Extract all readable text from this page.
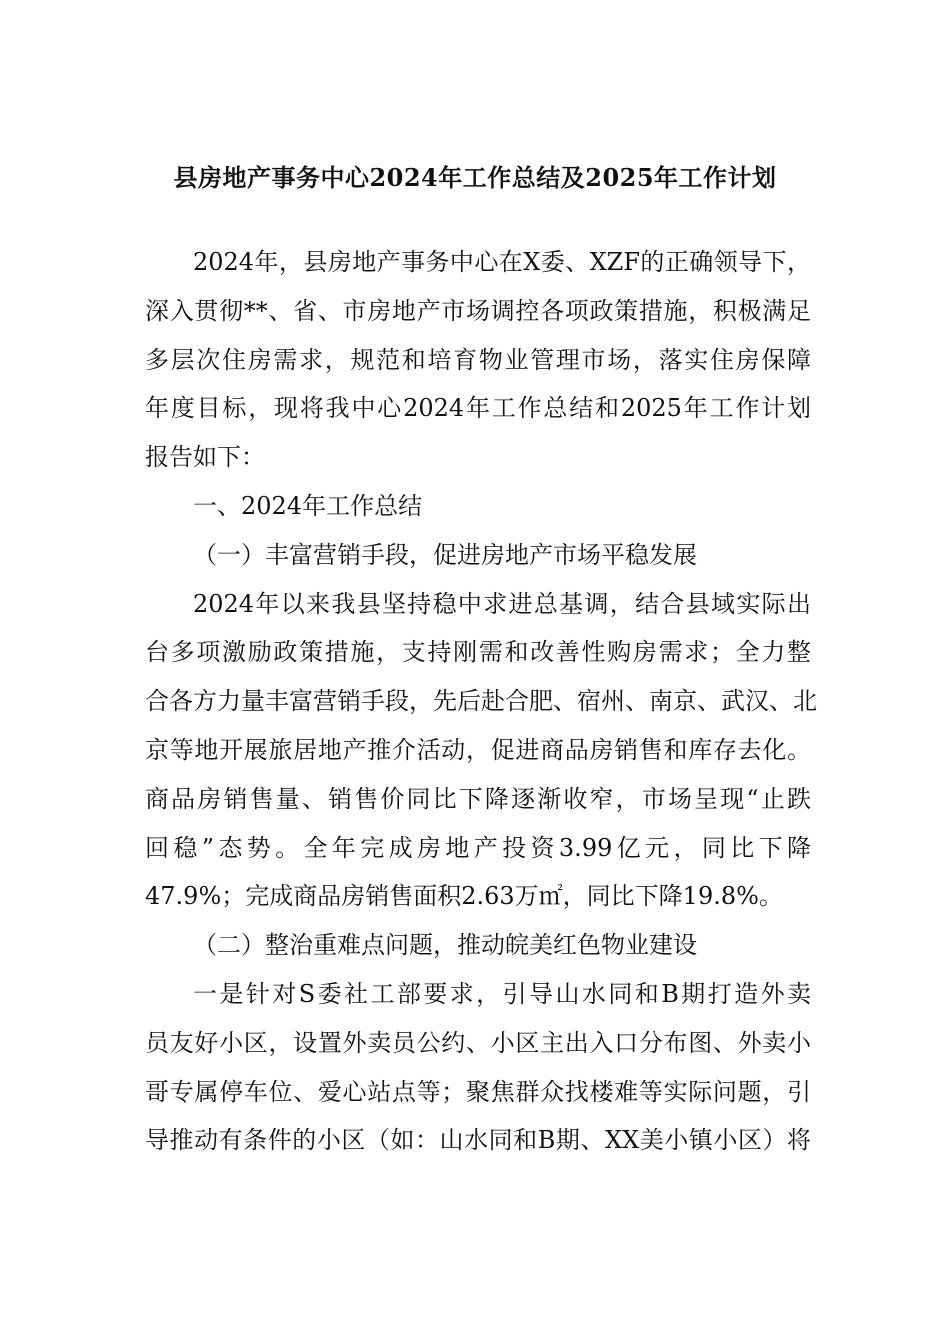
县房地产事务中心2024年工作总结及2025年工作计划
2024年，县房地产事务中心在X委、XZF的正确领导下，
深入贯彻**、省、市房地产市场调控各项政策措施，积极满足
多层次住房需求，规范和培育物业管理市场，落实住房保障
年度目标，现将我中心2024年工作总结和2025年工作计划
报告如下：
一、2024年工作总结
（一）丰富营销手段，促进房地产市场平稳发展
2024年以来我县坚持稳中求进总基调，结合县域实际出
台多项激励政策措施，支持刚需和改善性购房需求；全力整
合各方力量丰富营销手段，先后赴合肥、宿州、南京、武汉、北
京等地开展旅居地产推介活动，促进商品房销售和库存去化。
商品房销售量、销售价同比下降逐渐收窄，市场呈现“止跌
回稳”态势。全年完成房地产投资3.99亿元，同比下降
47.9%；完成商品房销售面积2.63万㎡，同比下降19.8%。
（二）整治重难点问题，推动皖美红色物业建设
一是针对S委社工部要求，引导山水同和B期打造外卖
员友好小区，设置外卖员公约、小区主出入口分布图、外卖小
哥专属停车位、爱心站点等；聚焦群众找楼难等实际问题，引
导推动有条件的小区（如：山水同和B期、XX美小镇小区）将
